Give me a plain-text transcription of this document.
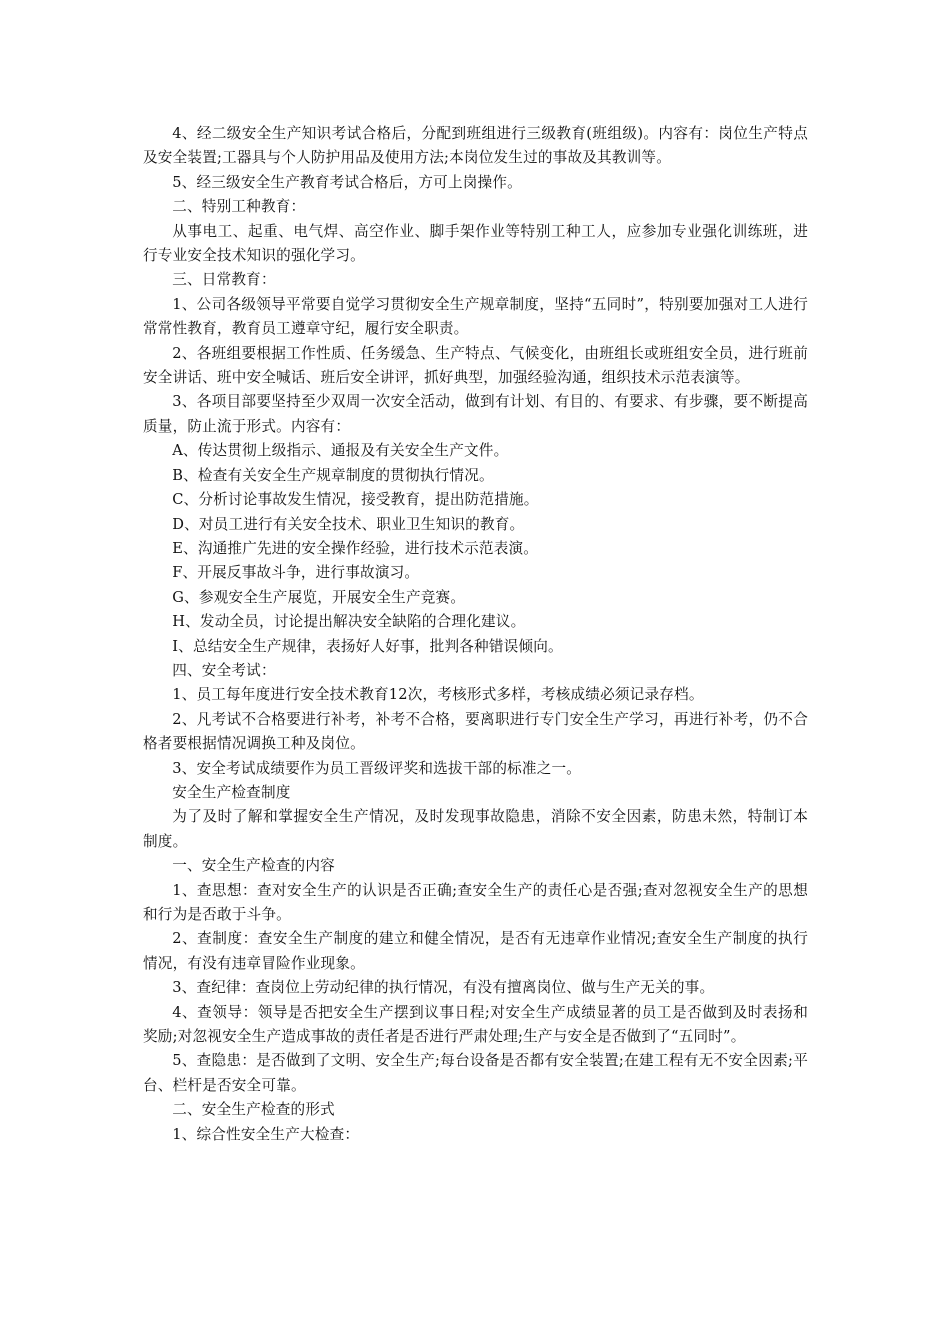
4、经二级安全生产知识考试合格后，分配到班组进行三级教育(班组级)。内容有：岗位生产特点及安全装置;工器具与个人防护用品及使用方法;本岗位发生过的事故及其教训等。

5、经三级安全生产教育考试合格后，方可上岗操作。

二、特别工种教育：

从事电工、起重、电气焊、高空作业、脚手架作业等特别工种工人，应参加专业强化训练班，进行专业安全技术知识的强化学习。

三、日常教育：

1、公司各级领导平常要自觉学习贯彻安全生产规章制度，坚持“五同时”，特别要加强对工人进行常常性教育，教育员工遵章守纪，履行安全职责。

2、各班组要根据工作性质、任务缓急、生产特点、气候变化，由班组长或班组安全员，进行班前安全讲话、班中安全喊话、班后安全讲评，抓好典型，加强经验沟通，组织技术示范表演等。

3、各项目部要坚持至少双周一次安全活动，做到有计划、有目的、有要求、有步骤，要不断提高质量，防止流于形式。内容有：

A、传达贯彻上级指示、通报及有关安全生产文件。

B、检查有关安全生产规章制度的贯彻执行情况。

C、分析讨论事故发生情况，接受教育，提出防范措施。

D、对员工进行有关安全技术、职业卫生知识的教育。

E、沟通推广先进的安全操作经验，进行技术示范表演。

F、开展反事故斗争，进行事故演习。

G、参观安全生产展览，开展安全生产竞赛。

H、发动全员，讨论提出解决安全缺陷的合理化建议。

I、总结安全生产规律，表扬好人好事，批判各种错误倾向。

四、安全考试：

1、员工每年度进行安全技术教育12次，考核形式多样，考核成绩必须记录存档。

2、凡考试不合格要进行补考，补考不合格，要离职进行专门安全生产学习，再进行补考，仍不合格者要根据情况调换工种及岗位。

3、安全考试成绩要作为员工晋级评奖和选拔干部的标准之一。

安全生产检查制度

为了及时了解和掌握安全生产情况，及时发现事故隐患，消除不安全因素，防患未然，特制订本制度。

一、安全生产检查的内容

1、查思想：查对安全生产的认识是否正确;查安全生产的责任心是否强;查对忽视安全生产的思想和行为是否敢于斗争。

2、查制度：查安全生产制度的建立和健全情况，是否有无违章作业情况;查安全生产制度的执行情况，有没有违章冒险作业现象。

3、查纪律：查岗位上劳动纪律的执行情况，有没有擅离岗位、做与生产无关的事。

4、查领导：领导是否把安全生产摆到议事日程;对安全生产成绩显著的员工是否做到及时表扬和奖励;对忽视安全生产造成事故的责任者是否进行严肃处理;生产与安全是否做到了“五同时”。

5、查隐患：是否做到了文明、安全生产;每台设备是否都有安全装置;在建工程有无不安全因素;平台、栏杆是否安全可靠。

二、安全生产检查的形式

1、综合性安全生产大检查：
